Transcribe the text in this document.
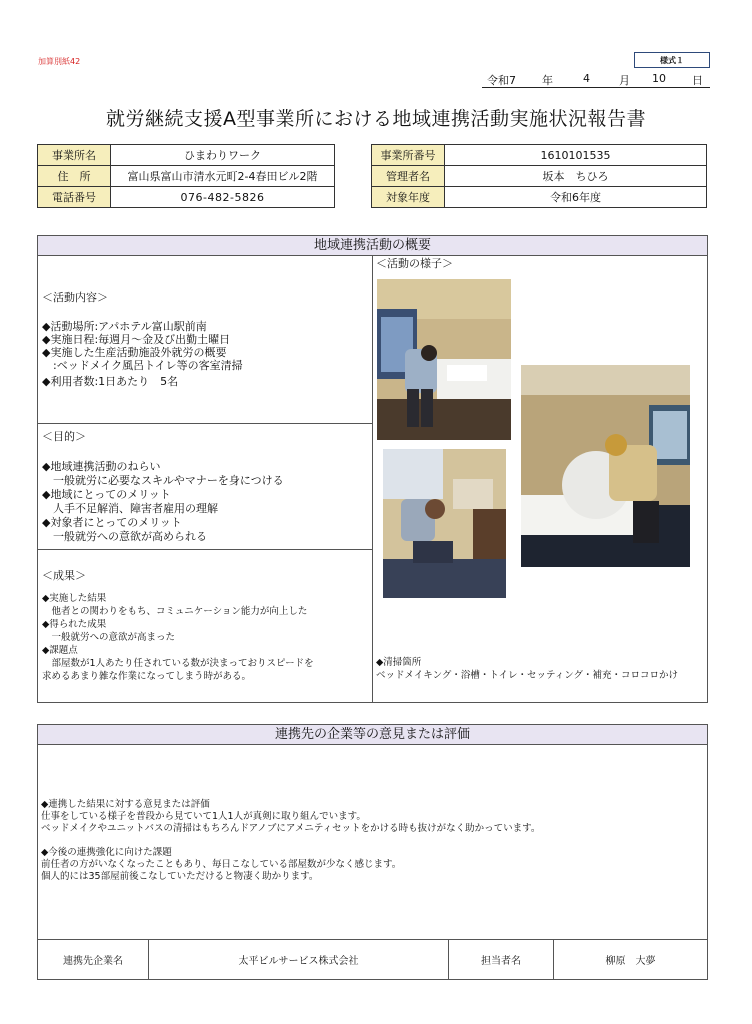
加算別紙42	様式１
令和7 年	4	月 10 日
就労継続支援A型事業所における地域連携活動実施状況報告書
事業所名	ひまわりワーク
住　所	富山県富山市清水元町2-4春田ビル2階
電話番号	076-482-5826
事業所番号	1610101535
管理者名	坂本　ちひろ
対象年度	令和6年度
地域連携活動の概要
＜活動内容＞
◆活動場所:アパホテル富山駅前南
◆実施日程:毎週月～金及び出勤土曜日
◆実施した生産活動施設外就労の概要
　:ベッドメイク風呂トイレ等の客室清掃
◆利用者数:1日あたり　5名
＜目的＞
◆地域連携活動のねらい
　一般就労に必要なスキルやマナーを身につける
◆地域にとってのメリット
　人手不足解消、障害者雇用の理解
◆対象者にとってのメリット
　一般就労への意欲が高められる
＜成果＞
◆実施した結果
　他者との関わりをもち、コミュニケーション能力が向上した
◆得られた成果
　一般就労への意欲が高まった
◆課題点
　部屋数が1人あたり任されている数が決まっておりスピードを
求めるあまり雑な作業になってしまう時がある。
＜活動の様子＞
◆清掃箇所
ベッドメイキング・浴槽・トイレ・セッティング・補充・コロコロかけ
連携先の企業等の意見または評価
◆連携した結果に対する意見または評価
仕事をしている様子を普段から見ていて1人1人が真剣に取り組んでいます。
ベッドメイクやユニットバスの清掃はもちろんドアノブにアメニティセットをかける時も抜けがなく助かっています。
◆今後の連携強化に向けた課題
前任者の方がいなくなったこともあり、毎日こなしている部屋数が少なく感じます。
個人的には35部屋前後こなしていただけると物凄く助かります。
連携先企業名	太平ビルサービス株式会社	担当者名	柳原　大夢
